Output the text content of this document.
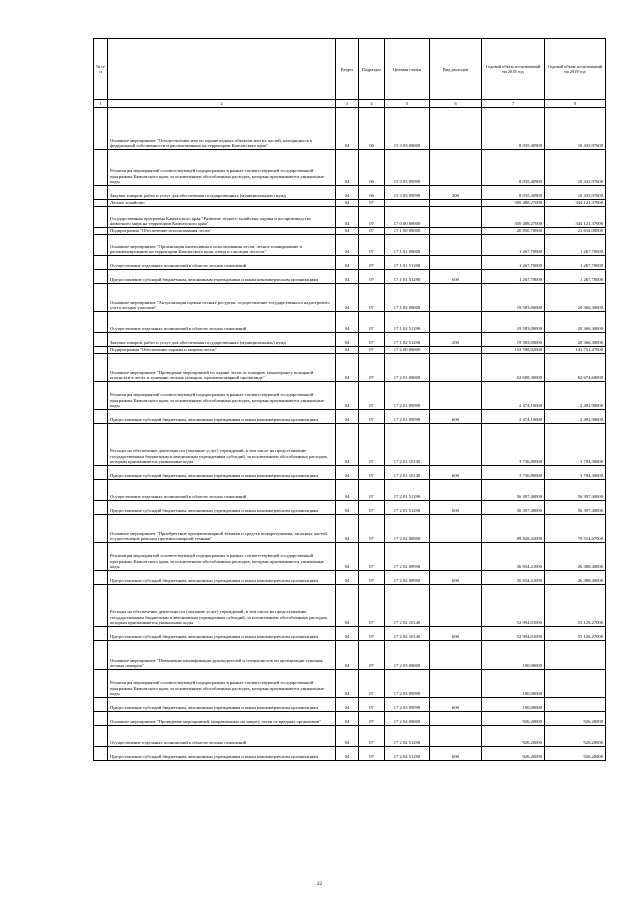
№ п/п		Раздел	Подраздел	Целевая статья	Вид расходов	Годовой объем ассигнований на 2018 год	Годовой объем ассигнований на 2019 год
1	2	3	4	5	6	7	8
	Основное мероприятие "Осуществление мер по охране водных объектов или их частей, находящихся в федеральной собственности и расположенных на территории Камчатского края"	04	06	15 3 03 00000		8 035,40900	10 433,97600
	Реализация мероприятий соответствующей подпрограммы в рамках соответствующей государственной программы Камчатского края, за исключением обособленных расходов, которым присваиваются уникальные коды	04	06	15 3 03 09990		8 035,40900	10 433,97600
	Закупка товаров, работ и услуг для обеспечения государственных (муниципальных) нужд	04	06	15 3 03 09990	200	8 035,40900	10 433,97600
	Лесное хозяйство	04	07			350 488,27000	344 121,37000
	Государственная программа Камчатского края "Развитие лесного хозяйства, охрана и воспроизводство животного мира на территории Камчатского края"	04	07	17 0 00 00000		350 488,27000	344 121,37000
	Подпрограмма "Обеспечение использования лесов"	04	07	17 1 00 00000		20 850,70000	21 634,00000
	Основное мероприятие "Организация интенсивного использования лесов, лесное планирование и регламентирование на территории Камчатского края, отвод и таксация лесосек"	04	07	17 1 01 00000		1 267,70000	1 267,70000
	Осуществление отдельных полномочий в области лесных отношений	04	07	17 1 01 51290		1 267,70000	1 267,70000
	Предоставление субсидий бюджетным, автономным учреждениям и иным некоммерческим организациям	04	07	17 1 01 51290	600	1 267,70000	1 267,70000
	Основное мероприятие "Актуализация оценки лесных ресурсов, осуществление государственного кадастрового учета лесных участков"	04	07	17 1 02 00000		19 583,00000	20 366,30000
	Осуществление отдельных полномочий в области лесных отношений	04	07	17 1 02 51290		19 583,00000	20 366,30000
	Закупка товаров, работ и услуг для обеспечения государственных (муниципальных) нужд	04	07	17 1 02 51290	200	19 583,00000	20 366,30000
	Подпрограмма "Обеспечение охраны и защиты лесов"	04	07	17 2 00 00000		153 598,92000	143 751,47000
	Основное мероприятие "Проведение мероприятий по охране лесов от пожаров, мониторингу пожарной опасности в лесах и тушению лесных пожаров, противопожарной пропаганде"	04	07	17 2 01 00000		62 608,30000	62 674,60000
	Реализация мероприятий соответствующей подпрограммы в рамках соответствующей государственной программы Камчатского края, за исключением обособленных расходов, которым присваиваются уникальные коды	04	07	17 2 01 09990		2 474,10000	2 492,90000
	Предоставление субсидий бюджетным, автономным учреждениям и иным некоммерческим организациям	04	07	17 2 01 09990	600	2 474,10000	2 492,90000
	Расходы на обеспечение деятельности (оказание услуг) учреждений, в том числе на предоставление государственным бюджетным и автономным учреждениям субсидий, за исключением обособленных расходов, которым присваиваются уникальные коды	04	07	17 2 01 10140		3 736,80000	3 784,30000
	Предоставление субсидий бюджетным, автономным учреждениям и иным некоммерческим организациям	04	07	17 2 01 10140	600	3 736,80000	3 784,30000
	Осуществление отдельных полномочий в области лесных отношений	04	07	17 2 01 51290		56 397,40000	56 397,40000
	Предоставление субсидий бюджетным, автономным учреждениям и иным некоммерческим организациям	04	07	17 2 01 51290	600	56 397,40000	56 397,40000
	Основное мероприятие "Приобретение противопожарной техники и средств пожаротушения, запасных частей, осуществление ремонта противопожарной техники"	04	07	17 2 02 00000		89 828,42000	79 514,67000
	Реализация мероприятий соответствующей подпрограммы в рамках соответствующей государственной программы Камчатского края, за исключением обособленных расходов, которым присваиваются уникальные коды	04	07	17 2 02 09990		36 834,41000	26 388,40000
	Предоставление субсидий бюджетным, автономным учреждениям и иным некоммерческим организациям	04	07	17 2 02 09990	600	36 834,41000	26 388,40000
	Расходы на обеспечение деятельности (оказание услуг) учреждений, в том числе на предоставление государственным бюджетным и автономным учреждениям субсидий, за исключением обособленных расходов, которым присваиваются уникальные коды	04	07	17 2 02 10140		52 994,01000	53 126,27000
	Предоставление субсидий бюджетным, автономным учреждениям и иным некоммерческим организациям	04	07	17 2 02 10140	600	52 994,01000	53 126,27000
	Основное мероприятие "Повышение квалификации руководителей и специалистов по организации тушения лесных пожаров"	04	07	17 2 03 00000		100,00000	
	Реализация мероприятий соответствующей подпрограммы в рамках соответствующей государственной программы Камчатского края, за исключением обособленных расходов, которым присваиваются уникальные коды	04	07	17 2 03 09990		100,00000	
	Предоставление субсидий бюджетным, автономным учреждениям и иным некоммерческим организациям	04	07	17 2 03 09990	600	100,00000	
	Основное мероприятие "Проведение мероприятий, направленных на защиту лесов от вредных организмов"	04	07	17 2 04 00000		926,20000	926,20000
	Осуществление отдельных полномочий в области лесных отношений	04	07	17 2 04 51290		926,20000	926,20000
	Предоставление субсидий бюджетным, автономным учреждениям и иным некоммерческим организациям	04	07	17 2 04 51290	600	926,20000	926,20000
22
